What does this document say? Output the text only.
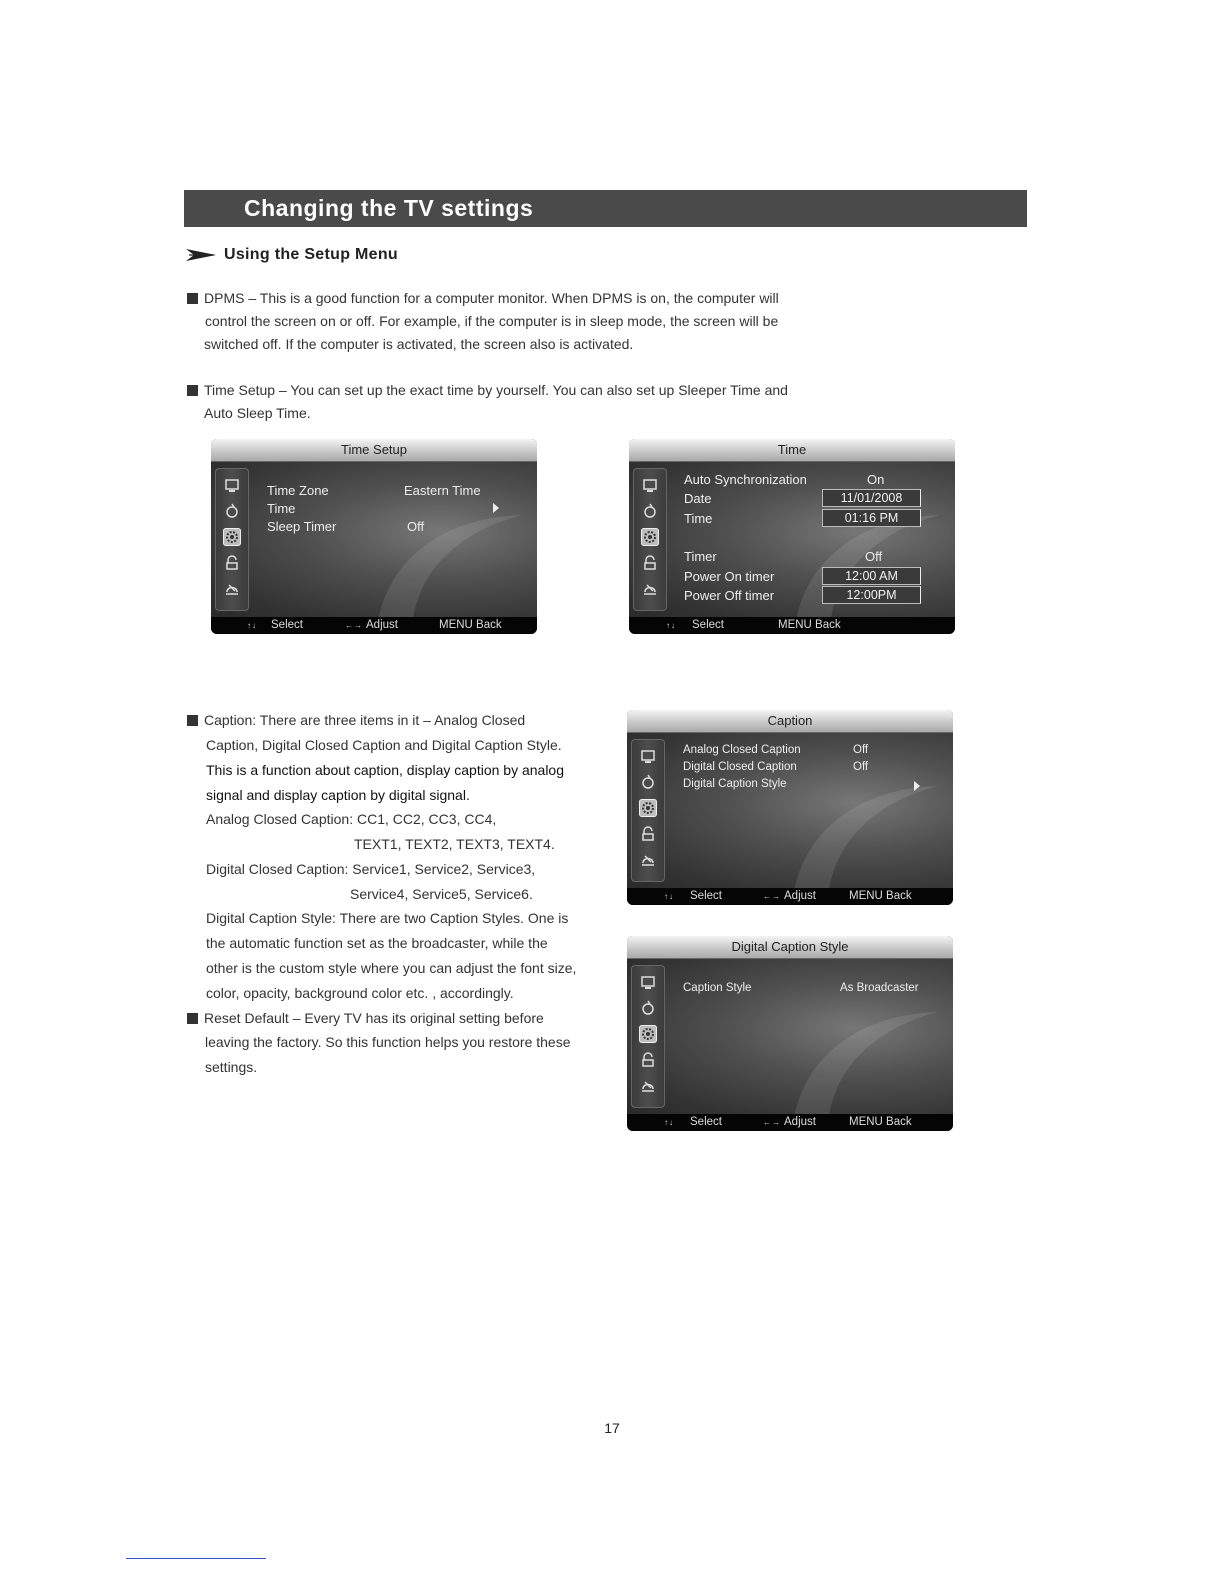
Changing the TV settings
Using the Setup Menu
DPMS – This is a good function for a computer monitor. When DPMS is on, the computer will
control the screen on or off. For example, if the computer is in sleep mode, the screen will be
switched off. If the computer is activated, the screen also is activated.
Time Setup – You can set up the exact time by yourself. You can also set up Sleeper Time and
Auto Sleep Time.
Time Setup
Time Zone	Eastern Time
Time
Sleep Timer	Off
↑↓ Select	←→ Adjust	MENU Back
Time
Auto Synchronization	On
Date	11/01/2008
Time	01:16 PM
Timer	Off
Power On timer	12:00 AM
Power Off timer	12:00PM
↑↓ Select	MENU Back
Caption: There are three items in it – Analog Closed
Caption, Digital Closed Caption and Digital Caption Style.
This is a function about caption, display caption by analog
signal and display caption by digital signal.
Analog Closed Caption: CC1, CC2, CC3, CC4,
TEXT1, TEXT2, TEXT3, TEXT4.
Digital Closed Caption: Service1, Service2, Service3,
Service4, Service5, Service6.
Digital Caption Style: There are two Caption Styles. One is
the automatic function set as the broadcaster, while the
other is the custom style where you can adjust the font size,
color, opacity, background color etc. , accordingly.
Reset Default – Every TV has its original setting before
leaving the factory. So this function helps you restore these
settings.
Caption
Analog Closed Caption	Off
Digital Closed Caption	Off
Digital Caption Style
↑↓ Select	←→ Adjust	MENU Back
Digital Caption Style
Caption Style	As Broadcaster
↑↓ Select	←→ Adjust	MENU Back
17
